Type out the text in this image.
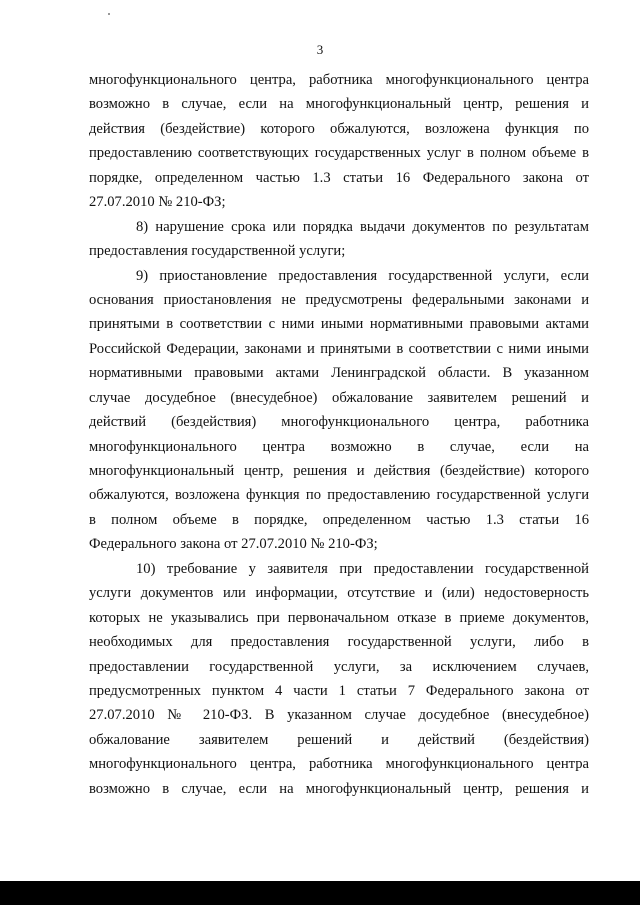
3
многофункционального центра, работника многофункционального центра
возможно в случае, если на многофункциональный центр, решения и
действия (бездействие) которого обжалуются, возложена функция по
предоставлению соответствующих государственных услуг в полном объеме в
порядке, определенном частью 1.3 статьи 16 Федерального закона от
27.07.2010 № 210-ФЗ;
8) нарушение срока или порядка выдачи документов по результатам
предоставления государственной услуги;
9) приостановление предоставления государственной услуги, если
основания приостановления не предусмотрены федеральными законами и
принятыми в соответствии с ними иными нормативными правовыми актами
Российской Федерации, законами и принятыми в соответствии с ними иными
нормативными правовыми актами Ленинградской области. В указанном
случае досудебное (внесудебное) обжалование заявителем решений и
действий (бездействия) многофункционального центра, работника
многофункционального центра возможно в случае, если на
многофункциональный центр, решения и действия (бездействие) которого
обжалуются, возложена функция по предоставлению государственной услуги
в полном объеме в порядке, определенном частью 1.3 статьи 16
Федерального закона от 27.07.2010 № 210-ФЗ;
10) требование у заявителя при предоставлении государственной
услуги документов или информации, отсутствие и (или) недостоверность
которых не указывались при первоначальном отказе в приеме документов,
необходимых для предоставления государственной услуги, либо в
предоставлении государственной услуги, за исключением случаев,
предусмотренных пунктом 4 части 1 статьи 7 Федерального закона от
27.07.2010 № 210-ФЗ. В указанном случае досудебное (внесудебное)
обжалование заявителем решений и действий (бездействия)
многофункционального центра, работника многофункционального центра
возможно в случае, если на многофункциональный центр, решения и
